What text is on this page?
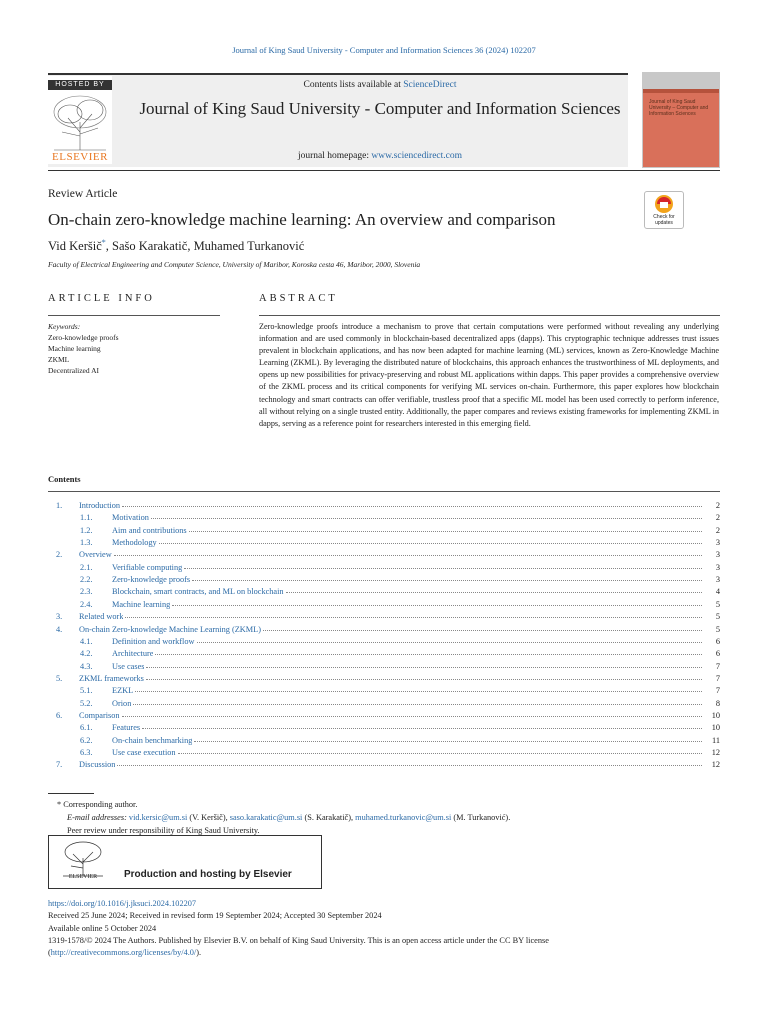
Journal of King Saud University - Computer and Information Sciences 36 (2024) 102207
HOSTED BY
ELSEVIER
Contents lists available at ScienceDirect
Journal of King Saud University - Computer and Information Sciences
journal homepage: www.sciencedirect.com
Journal of King Saud University – Computer and Information Sciences
Review Article
On-chain zero-knowledge machine learning: An overview and comparison	Check for updates
Vid Keršič*, Sašo Karakatič, Muhamed Turkanović
Faculty of Electrical Engineering and Computer Science, University of Maribor, Koroska cesta 46, Maribor, 2000, Slovenia
ARTICLE INFO	ABSTRACT
Keywords:
Zero-knowledge proofs
Machine learning
ZKML
Decentralized AI
Zero-knowledge proofs introduce a mechanism to prove that certain computations were performed without revealing any underlying information and are used commonly in blockchain-based decentralized apps (dapps). This cryptographic technique addresses trust issues prevalent in blockchain applications, and has now been adapted for machine learning (ML) services, known as Zero-Knowledge Machine Learning (ZKML). By leveraging the distributed nature of blockchains, this approach enhances the trustworthiness of ML deployments, and opens up new possibilities for privacy-preserving and robust ML applications within dapps. This paper provides a comprehensive overview of the ZKML process and its critical components for verifying ML services on-chain. Furthermore, this paper explores how blockchain technology and smart contracts can offer verifiable, trustless proof that a specific ML model has been used correctly to perform inference, all without relying on a single trusted entity. Additionally, the paper compares and reviews existing frameworks for implementing ZKML in dapps, serving as a reference point for researchers interested in this emerging field.
Contents
1. Introduction	2
1.1. Motivation	2
1.2. Aim and contributions	2
1.3. Methodology	3
2. Overview	3
2.1. Verifiable computing	3
2.2. Zero-knowledge proofs	3
2.3. Blockchain, smart contracts, and ML on blockchain	4
2.4. Machine learning	5
3. Related work	5
4. On-chain Zero-knowledge Machine Learning (ZKML)	5
4.1. Definition and workflow	6
4.2. Architecture	6
4.3. Use cases	7
5. ZKML frameworks	7
5.1. EZKL	7
5.2. Orion	8
6. Comparison	10
6.1. Features	10
6.2. On-chain benchmarking	11
6.3. Use case execution	12
7. Discussion	12
* Corresponding author.
E-mail addresses: vid.kersic@um.si (V. Keršič), saso.karakatic@um.si (S. Karakatič), muhamed.turkanovic@um.si (M. Turkanović).
Peer review under responsibility of King Saud University.
ELSEVIER	Production and hosting by Elsevier
https://doi.org/10.1016/j.jksuci.2024.102207
Received 25 June 2024; Received in revised form 19 September 2024; Accepted 30 September 2024
Available online 5 October 2024
1319-1578/© 2024 The Authors. Published by Elsevier B.V. on behalf of King Saud University. This is an open access article under the CC BY license
(http://creativecommons.org/licenses/by/4.0/).
